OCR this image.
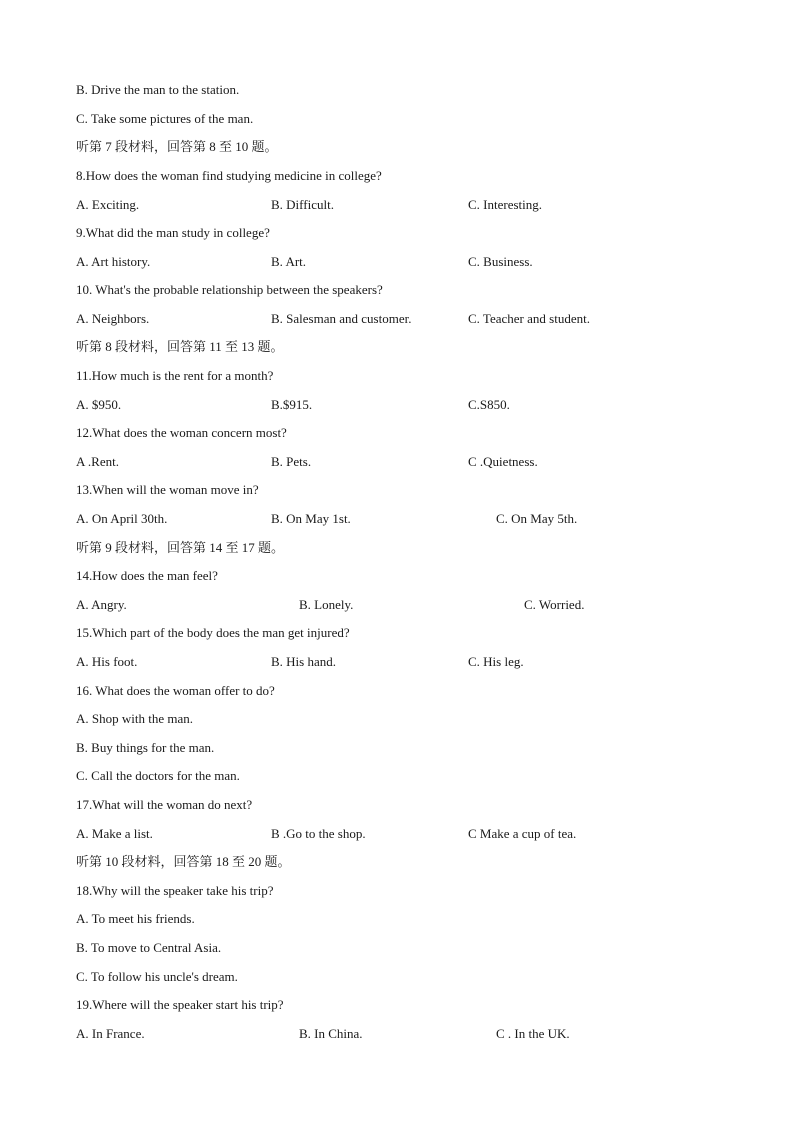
B. Drive the man to the station.
C. Take some pictures of the man.
听第 7 段材料，回答第 8 至 10 题。
8.How does the woman find studying medicine in college?
A. Exciting.	B. Difficult.	C. Interesting.
9.What did the man study in college?
A. Art history.	B. Art.	C. Business.
10. What's the probable relationship between the speakers?
A. Neighbors.	B. Salesman and customer.	C. Teacher and student.
听第 8 段材料，回答第 11 至 13 题。
11.How much is the rent for a month?
A. $950.	B.$915.	C.S850.
12.What does the woman concern most?
A .Rent.	B. Pets.	C .Quietness.
13.When will the woman move in?
A. On April 30th.	B. On May 1st.	C. On May 5th.
听第 9 段材料，回答第 14 至 17 题。
14.How does the man feel?
A. Angry.	B. Lonely.	C. Worried.
15.Which part of the body does the man get injured?
A. His foot.	B. His hand.	C. His leg.
16. What does the woman offer to do?
A. Shop with the man.
B. Buy things for the man.
C. Call the doctors for the man.
17.What will the woman do next?
A. Make a list.	B .Go to the shop.	C Make a cup of tea.
听第 10 段材料，回答第 18 至 20 题。
18.Why will the speaker take his trip?
A. To meet his friends.
B. To move to Central Asia.
C. To follow his uncle's dream.
19.Where will the speaker start his trip?
A. In France.	B. In China.	C . In the UK.
